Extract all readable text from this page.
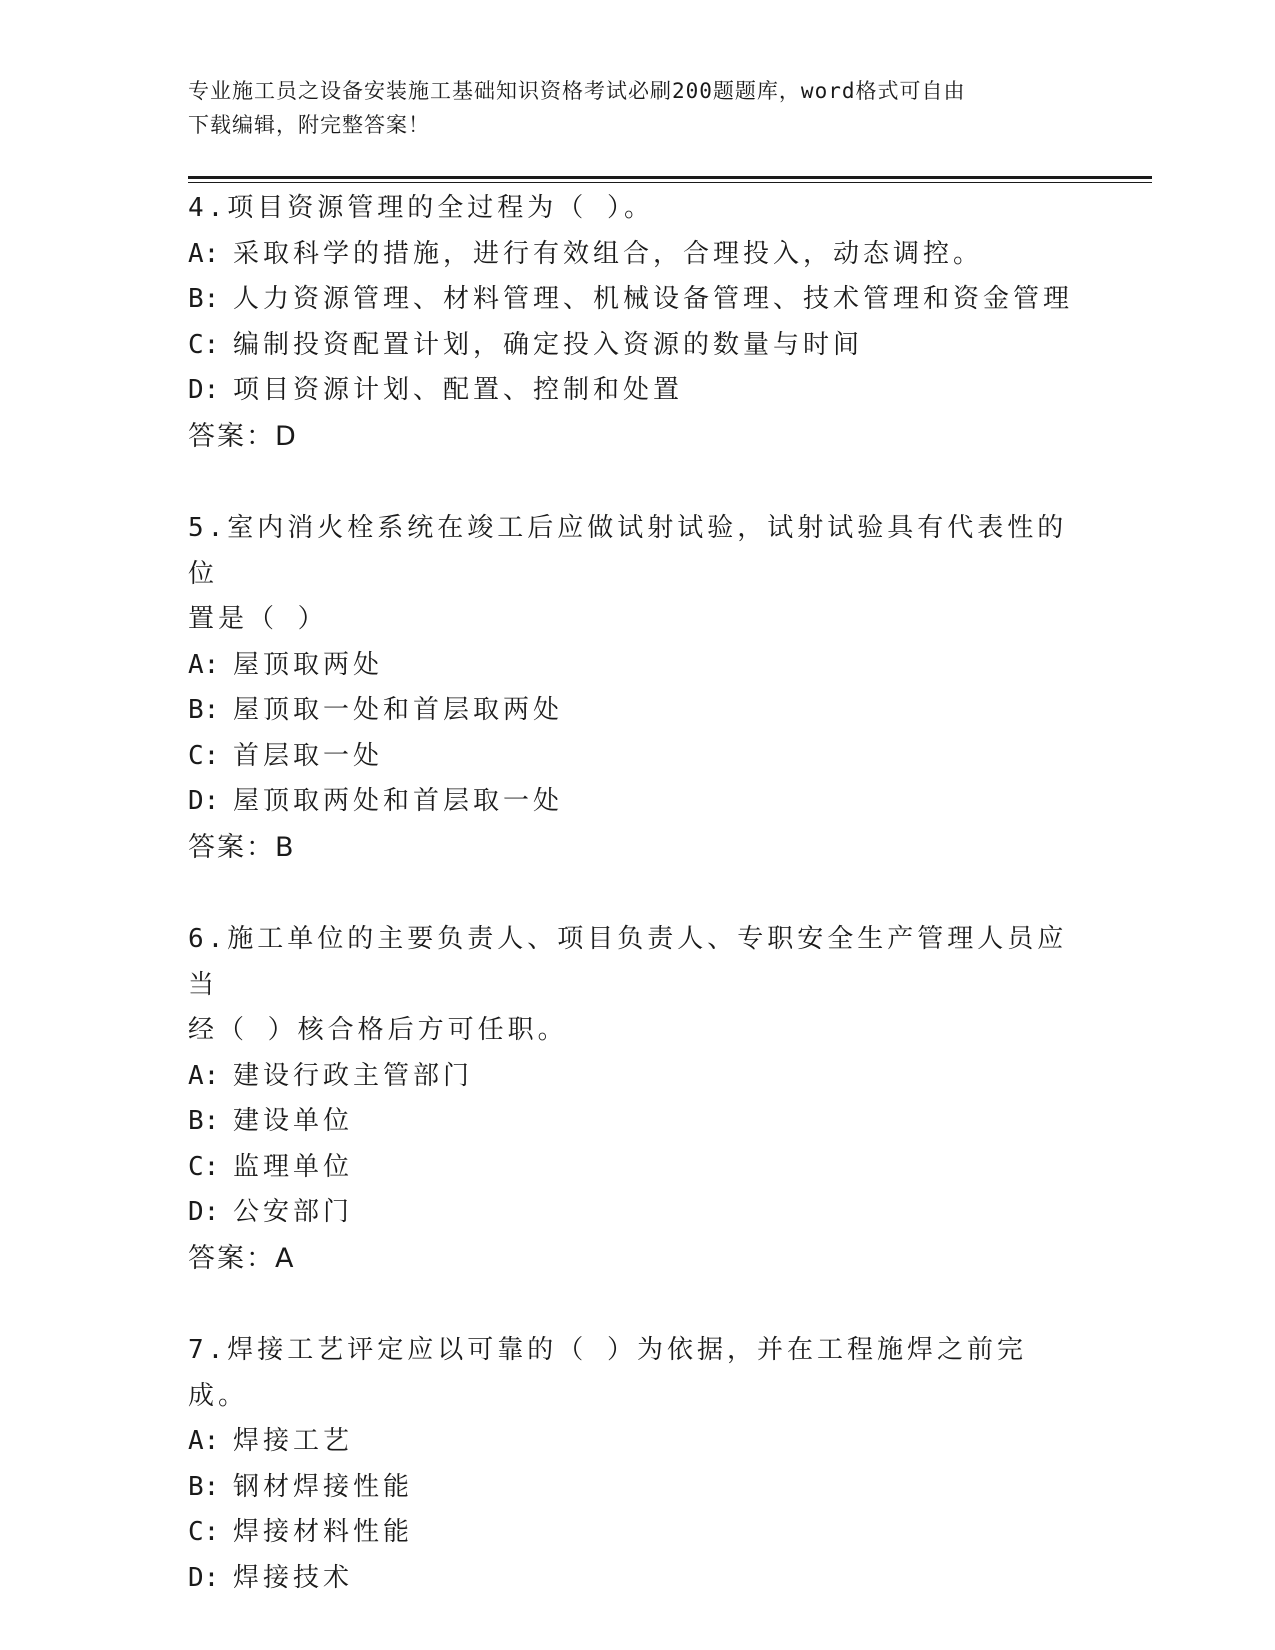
专业施工员之设备安装施工基础知识资格考试必刷200题题库，word格式可自由
下载编辑，附完整答案！
4.项目资源管理的全过程为（ ）。
A: 采取科学的措施，进行有效组合，合理投入，动态调控。
B: 人力资源管理、材料管理、机械设备管理、技术管理和资金管理
C: 编制投资配置计划，确定投入资源的数量与时间
D: 项目资源计划、配置、控制和处置
答案：D
5.室内消火栓系统在竣工后应做试射试验，试射试验具有代表性的位
置是（ ）
A: 屋顶取两处
B: 屋顶取一处和首层取两处
C: 首层取一处
D: 屋顶取两处和首层取一处
答案：B
6.施工单位的主要负责人、项目负责人、专职安全生产管理人员应当
经（ ）核合格后方可任职。
A: 建设行政主管部门
B: 建设单位
C: 监理单位
D: 公安部门
答案：A
7.焊接工艺评定应以可靠的（ ）为依据，并在工程施焊之前完成。
A: 焊接工艺
B: 钢材焊接性能
C: 焊接材料性能
D: 焊接技术
